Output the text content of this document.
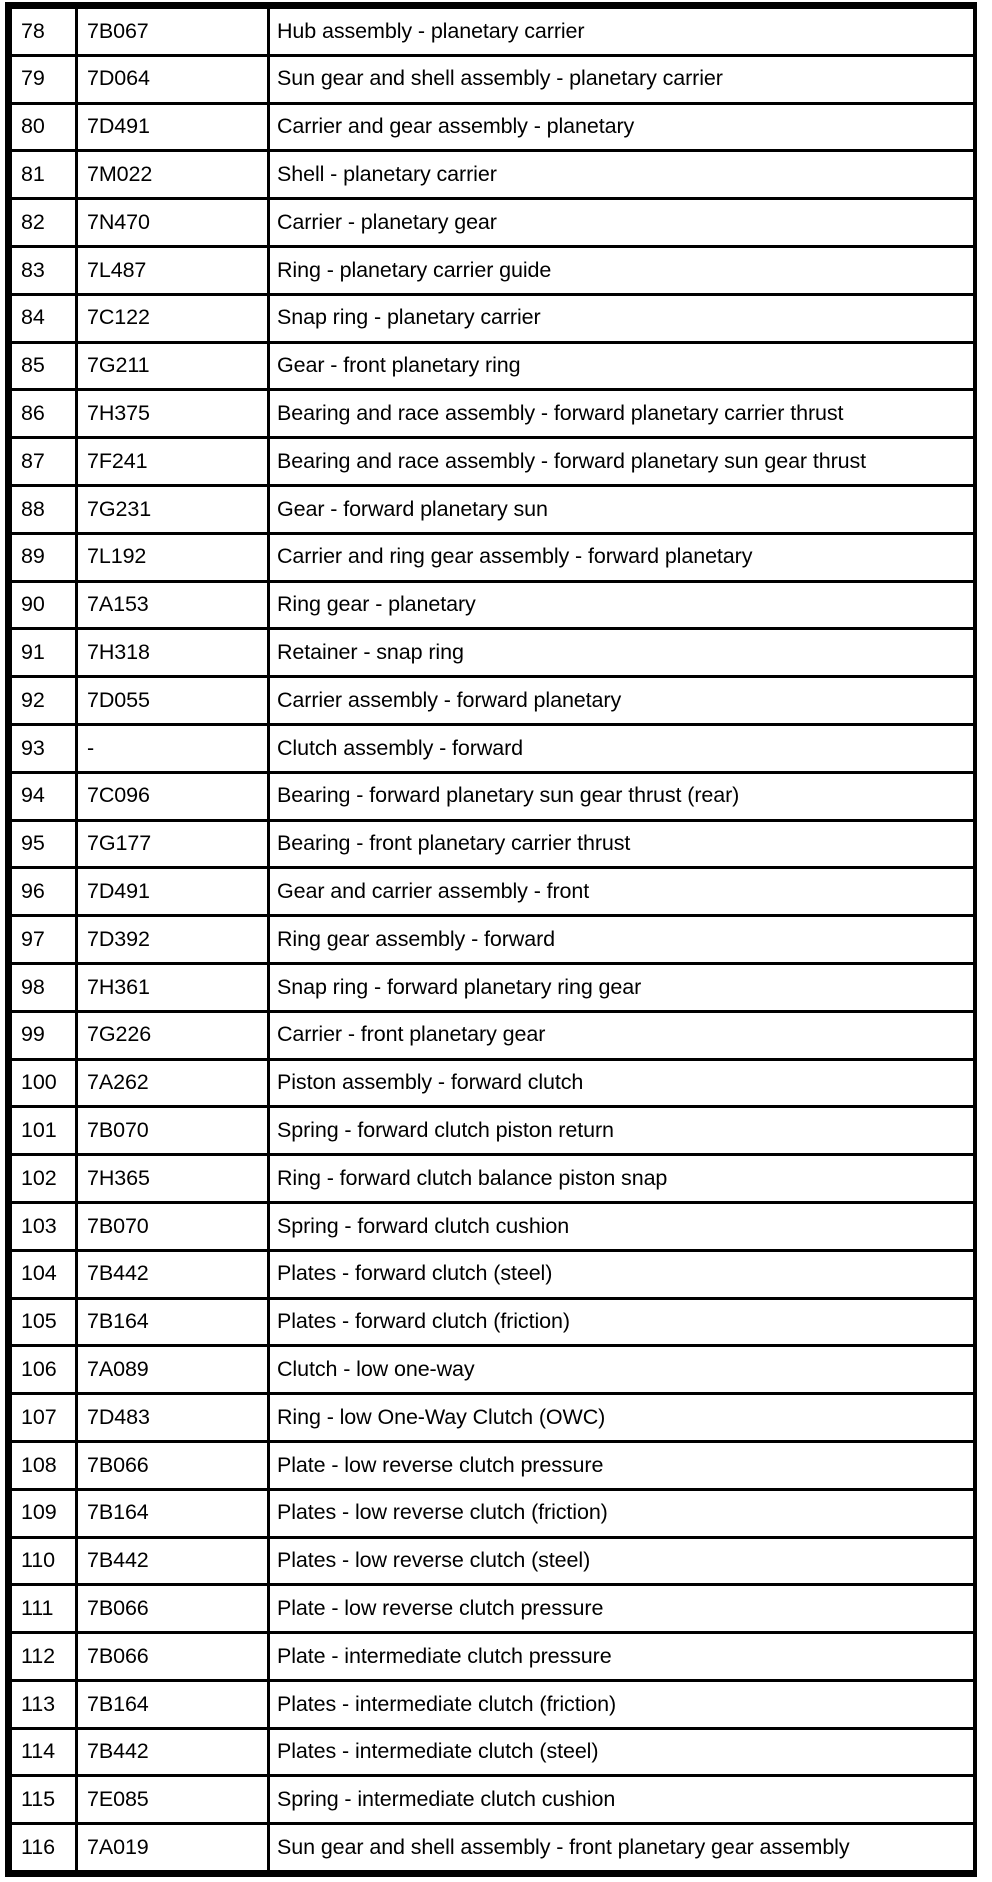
78	7B067	Hub assembly - planetary carrier
79	7D064	Sun gear and shell assembly - planetary carrier
80	7D491	Carrier and gear assembly - planetary
81	7M022	Shell - planetary carrier
82	7N470	Carrier - planetary gear
83	7L487	Ring - planetary carrier guide
84	7C122	Snap ring - planetary carrier
85	7G211	Gear - front planetary ring
86	7H375	Bearing and race assembly - forward planetary carrier thrust
87	7F241	Bearing and race assembly - forward planetary sun gear thrust
88	7G231	Gear - forward planetary sun
89	7L192	Carrier and ring gear assembly - forward planetary
90	7A153	Ring gear - planetary
91	7H318	Retainer - snap ring
92	7D055	Carrier assembly - forward planetary
93	-	Clutch assembly - forward
94	7C096	Bearing - forward planetary sun gear thrust (rear)
95	7G177	Bearing - front planetary carrier thrust
96	7D491	Gear and carrier assembly - front
97	7D392	Ring gear assembly - forward
98	7H361	Snap ring - forward planetary ring gear
99	7G226	Carrier - front planetary gear
100	7A262	Piston assembly - forward clutch
101	7B070	Spring - forward clutch piston return
102	7H365	Ring - forward clutch balance piston snap
103	7B070	Spring - forward clutch cushion
104	7B442	Plates - forward clutch (steel)
105	7B164	Plates - forward clutch (friction)
106	7A089	Clutch - low one-way
107	7D483	Ring - low One-Way Clutch (OWC)
108	7B066	Plate - low reverse clutch pressure
109	7B164	Plates - low reverse clutch (friction)
110	7B442	Plates - low reverse clutch (steel)
111	7B066	Plate - low reverse clutch pressure
112	7B066	Plate - intermediate clutch pressure
113	7B164	Plates - intermediate clutch (friction)
114	7B442	Plates - intermediate clutch (steel)
115	7E085	Spring - intermediate clutch cushion
116	7A019	Sun gear and shell assembly - front planetary gear assembly
